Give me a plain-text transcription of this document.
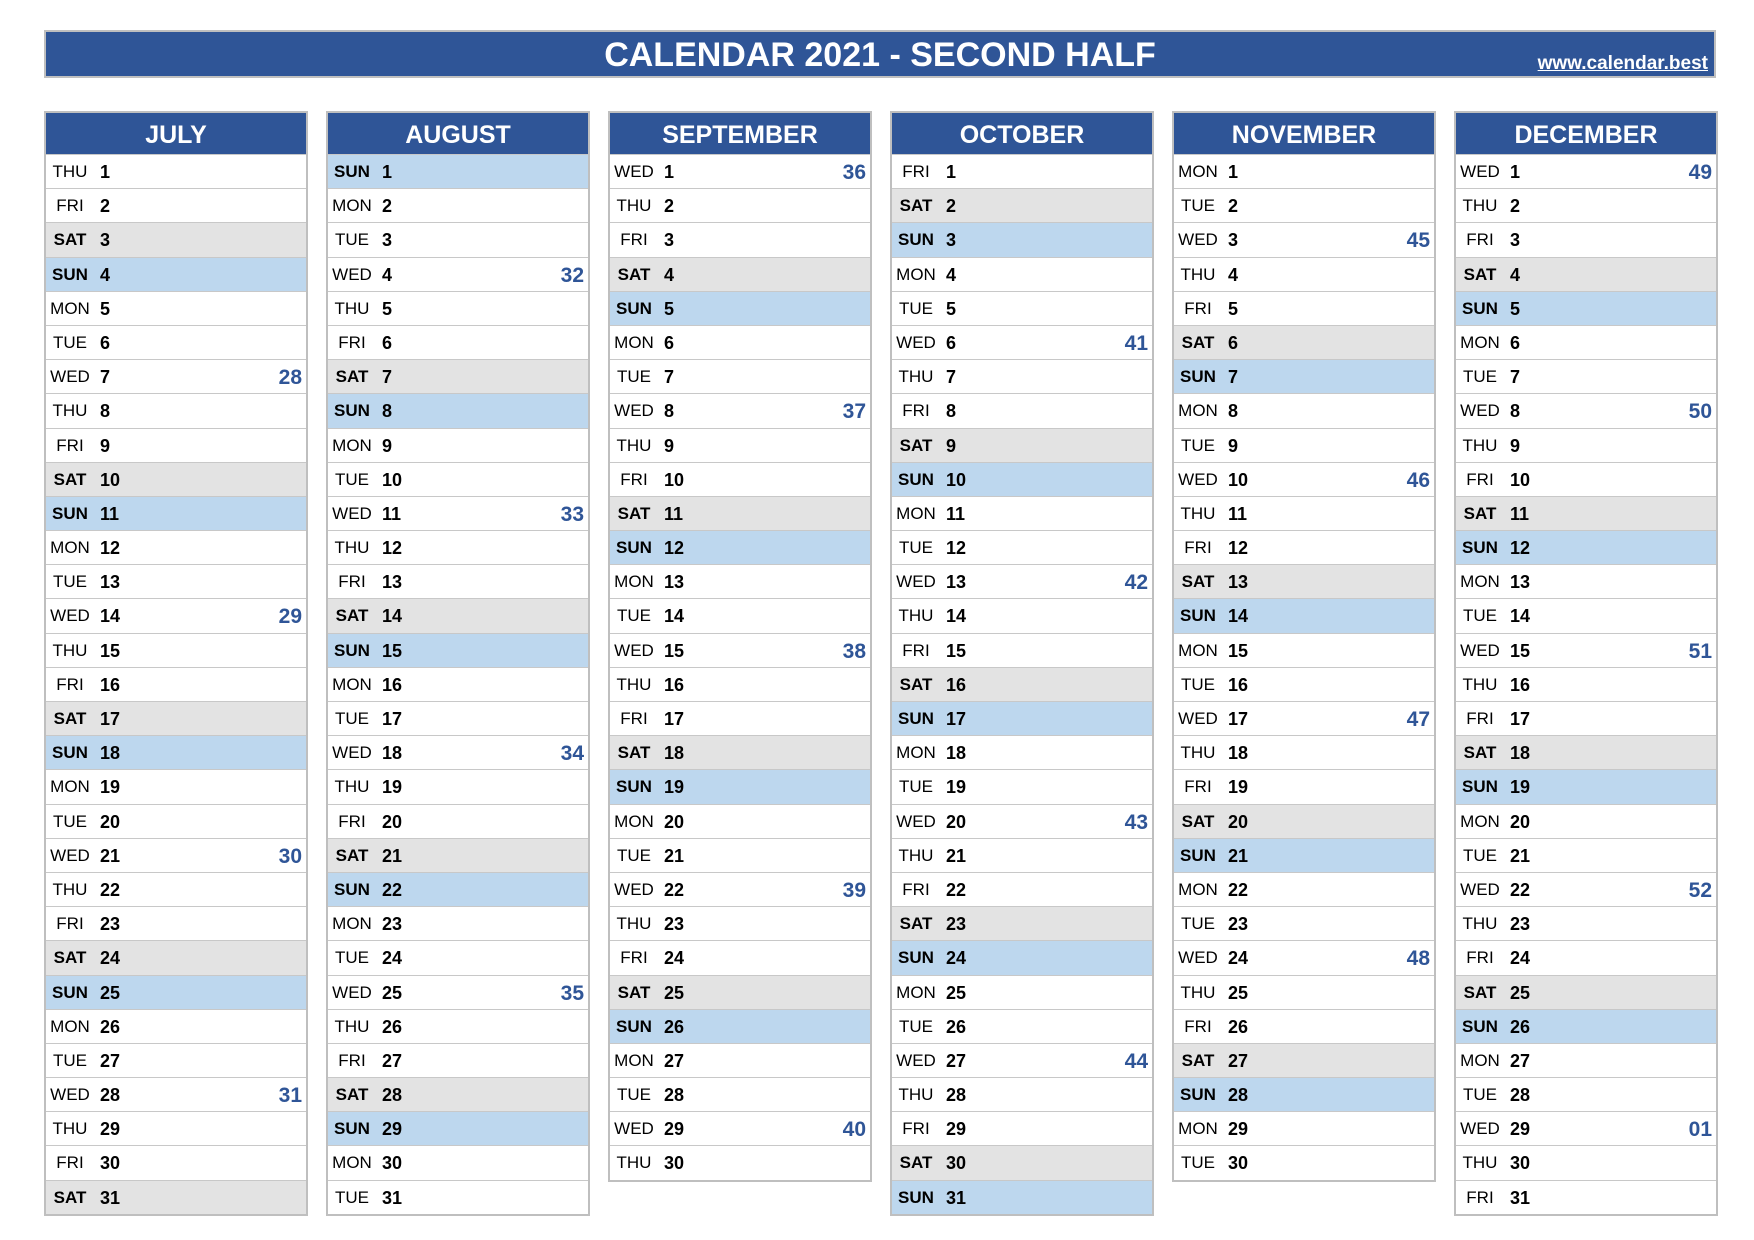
CALENDAR 2021 - SECOND HALF	www.calendar.best
JULY
THU 1
FRI 2
SAT 3
SUN 4
MON 5
TUE 6
WED 7	28
THU 8
FRI 9
SAT 10
SUN 11
MON 12
TUE 13
WED 14	29
THU 15
FRI 16
SAT 17
SUN 18
MON 19
TUE 20
WED 21	30
THU 22
FRI 23
SAT 24
SUN 25
MON 26
TUE 27
WED 28	31
THU 29
FRI 30
SAT 31
AUGUST
SUN 1
MON 2
TUE 3
WED 4	32
THU 5
FRI 6
SAT 7
SUN 8
MON 9
TUE 10
WED 11	33
THU 12
FRI 13
SAT 14
SUN 15
MON 16
TUE 17
WED 18	34
THU 19
FRI 20
SAT 21
SUN 22
MON 23
TUE 24
WED 25	35
THU 26
FRI 27
SAT 28
SUN 29
MON 30
TUE 31
SEPTEMBER
WED 1	36
THU 2
FRI 3
SAT 4
SUN 5
MON 6
TUE 7
WED 8	37
THU 9
FRI 10
SAT 11
SUN 12
MON 13
TUE 14
WED 15	38
THU 16
FRI 17
SAT 18
SUN 19
MON 20
TUE 21
WED 22	39
THU 23
FRI 24
SAT 25
SUN 26
MON 27
TUE 28
WED 29	40
THU 30
OCTOBER
FRI 1
SAT 2
SUN 3
MON 4
TUE 5
WED 6	41
THU 7
FRI 8
SAT 9
SUN 10
MON 11
TUE 12
WED 13	42
THU 14
FRI 15
SAT 16
SUN 17
MON 18
TUE 19
WED 20	43
THU 21
FRI 22
SAT 23
SUN 24
MON 25
TUE 26
WED 27	44
THU 28
FRI 29
SAT 30
SUN 31
NOVEMBER
MON 1
TUE 2
WED 3	45
THU 4
FRI 5
SAT 6
SUN 7
MON 8
TUE 9
WED 10	46
THU 11
FRI 12
SAT 13
SUN 14
MON 15
TUE 16
WED 17	47
THU 18
FRI 19
SAT 20
SUN 21
MON 22
TUE 23
WED 24	48
THU 25
FRI 26
SAT 27
SUN 28
MON 29
TUE 30
DECEMBER
WED 1	49
THU 2
FRI 3
SAT 4
SUN 5
MON 6
TUE 7
WED 8	50
THU 9
FRI 10
SAT 11
SUN 12
MON 13
TUE 14
WED 15	51
THU 16
FRI 17
SAT 18
SUN 19
MON 20
TUE 21
WED 22	52
THU 23
FRI 24
SAT 25
SUN 26
MON 27
TUE 28
WED 29	01
THU 30
FRI 31
